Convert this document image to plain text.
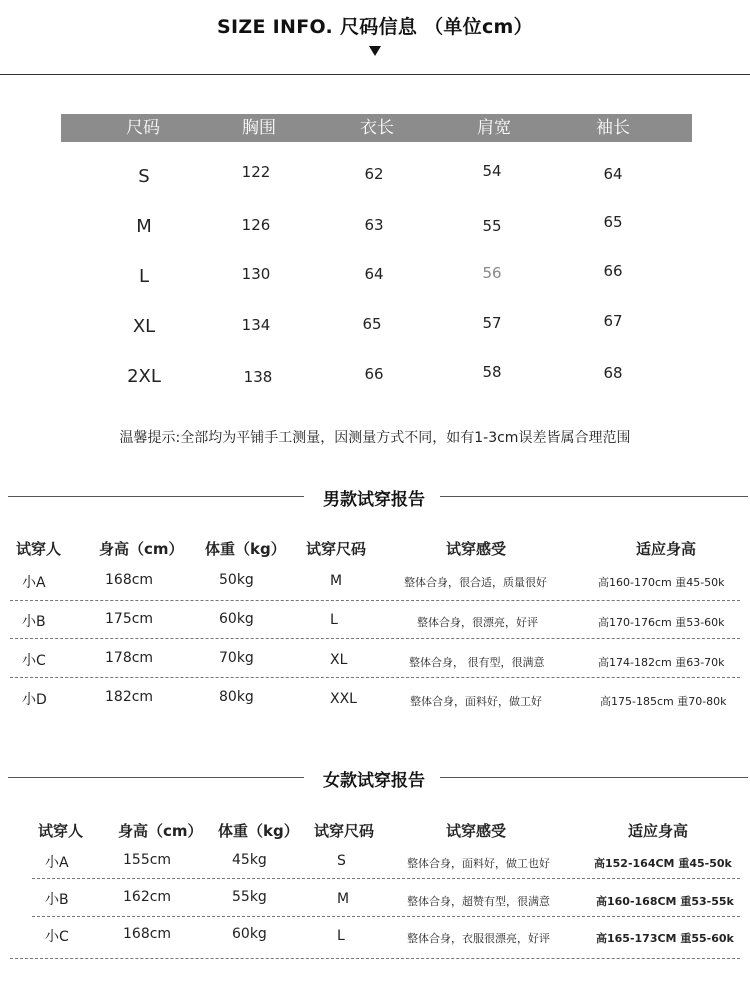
SIZE INFO. 尺码信息 （单位cm）
尺码	胸围	衣长	肩宽	袖长
S	122	62	54	64
M	126	63	55	65
L	130	64	56	66
XL	134	65	57	67
2XL	138	66	58	68
温馨提示:全部均为平铺手工测量，因测量方式不同，如有1-3cm误差皆属合理范围
男款试穿报告
试穿人	身高（cm） 体重（kg） 试穿尺码	试穿感受	适应身高
小A	168cm	50kg	M	整体合身，很合适，质量很好	高160-170cm 重45-50k
小B	175cm	60kg	L	整体合身，很漂亮，好评	高170-176cm 重53-60k
小C	178cm	70kg	XL	整体合身， 很有型，很满意	高174-182cm 重63-70k
小D	182cm	80kg	XXL	整体合身，面料好，做工好	高175-185cm 重70-80k
女款试穿报告
试穿人 身高（cm） 体重（kg） 试穿尺码	试穿感受	适应身高
小A	155cm	45kg	S	整体合身，面料好，做工也好	高152-164CM 重45-50k
小B	162cm	55kg	M	整体合身，超赞有型，很满意	高160-168CM 重53-55k
小C	168cm	60kg	L	整体合身，衣服很漂亮，好评	高165-173CM 重55-60k
